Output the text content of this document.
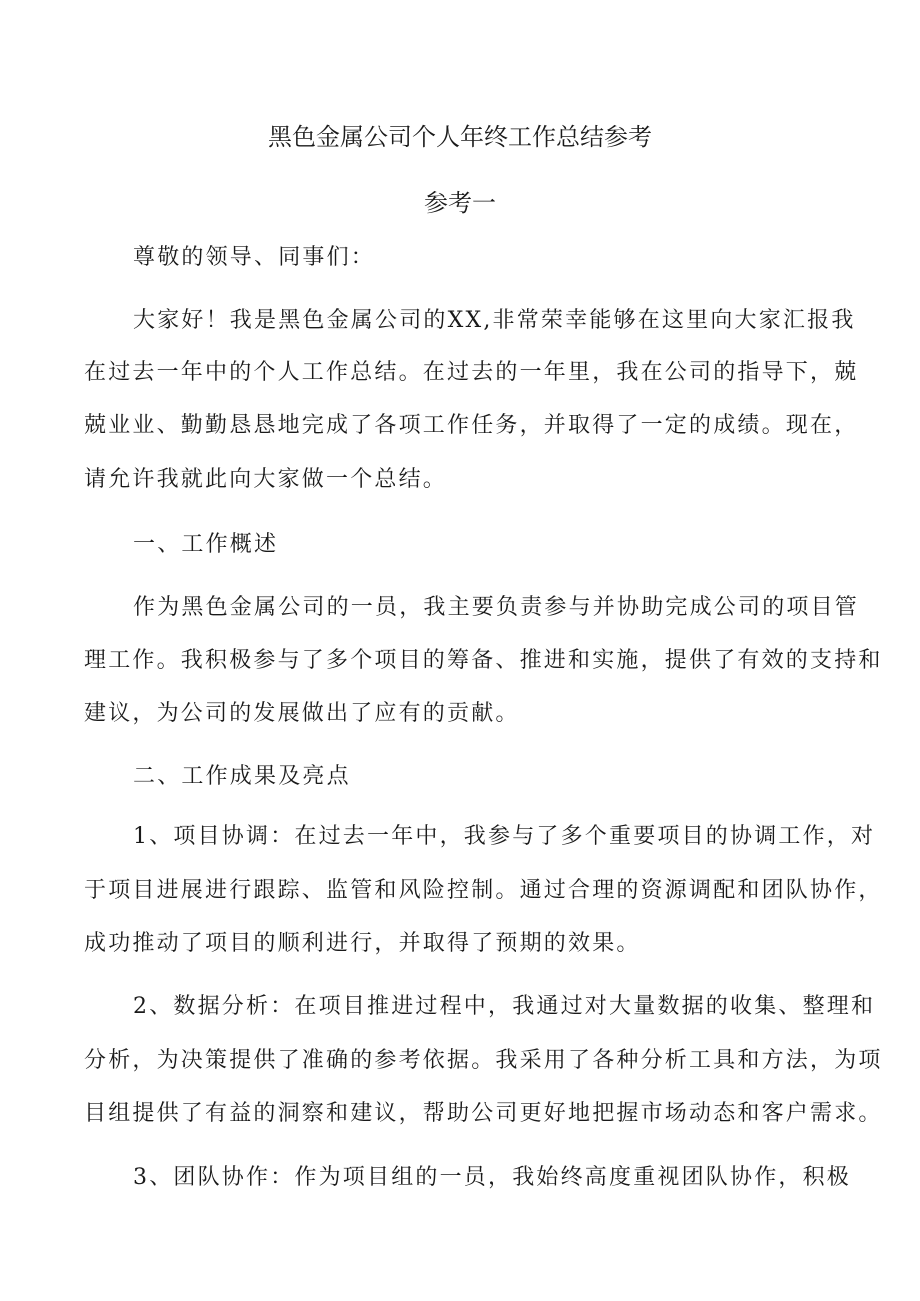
黑色金属公司个人年终工作总结参考
参考一
尊敬的领导、同事们：
大家好！我是黑色金属公司的XX,非常荣幸能够在这里向大家汇报我
在过去一年中的个人工作总结。在过去的一年里，我在公司的指导下，兢
兢业业、勤勤恳恳地完成了各项工作任务，并取得了一定的成绩。现在，
请允许我就此向大家做一个总结。
一、工作概述
作为黑色金属公司的一员，我主要负责参与并协助完成公司的项目管
理工作。我积极参与了多个项目的筹备、推进和实施，提供了有效的支持和
建议，为公司的发展做出了应有的贡献。
二、工作成果及亮点
1、项目协调：在过去一年中，我参与了多个重要项目的协调工作，对
于项目进展进行跟踪、监管和风险控制。通过合理的资源调配和团队协作，
成功推动了项目的顺利进行，并取得了预期的效果。
2、数据分析：在项目推进过程中，我通过对大量数据的收集、整理和
分析，为决策提供了准确的参考依据。我采用了各种分析工具和方法，为项
目组提供了有益的洞察和建议，帮助公司更好地把握市场动态和客户需求。
3、团队协作：作为项目组的一员，我始终高度重视团队协作，积极
